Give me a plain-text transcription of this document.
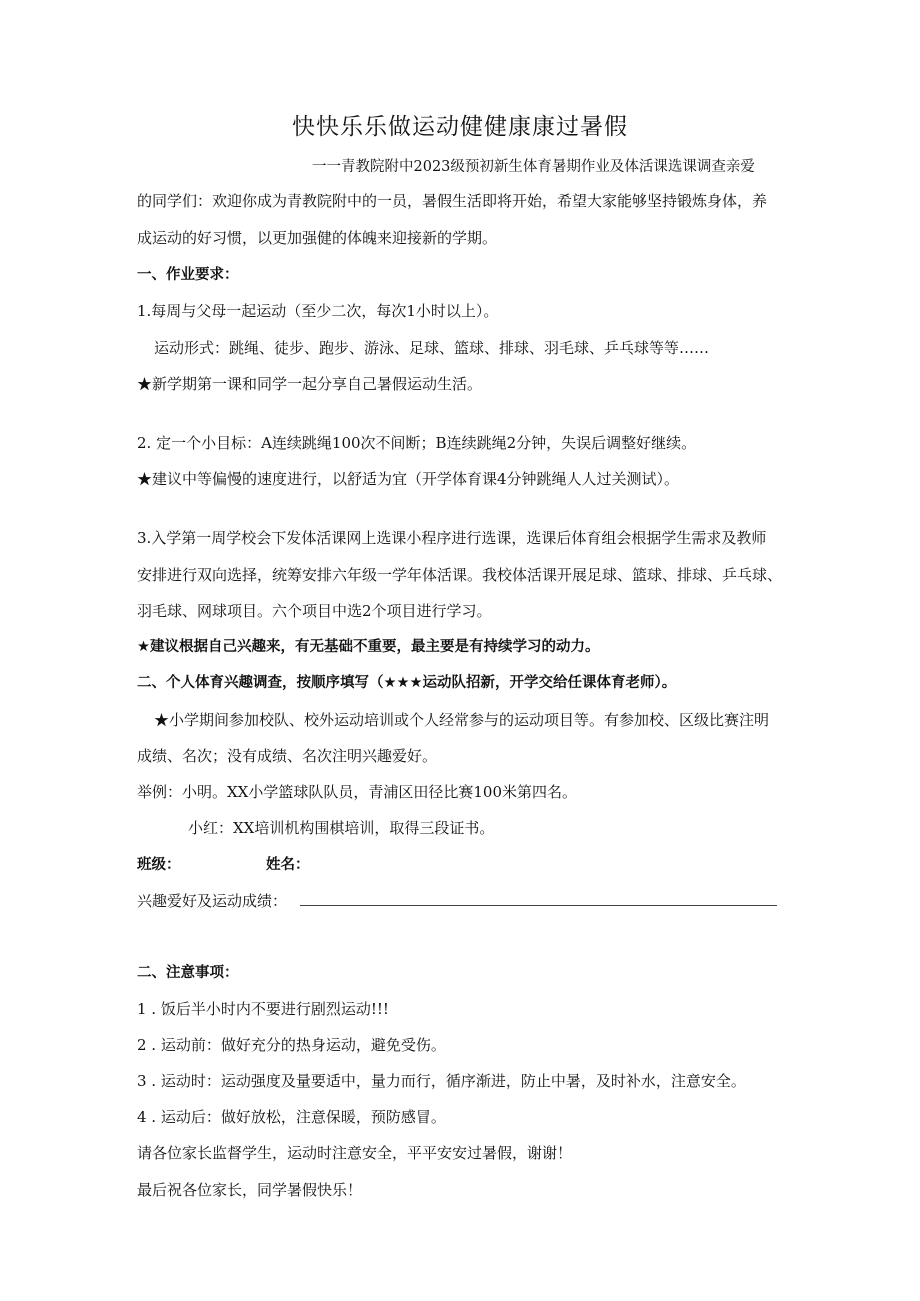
快快乐乐做运动健健康康过暑假
一一青教院附中2023级预初新生体育暑期作业及体活课选课调查亲爱
的同学们：欢迎你成为青教院附中的一员，暑假生活即将开始，希望大家能够坚持锻炼身体，养
成运动的好习惯，以更加强健的体魄来迎接新的学期。
一、作业要求：
1.每周与父母一起运动（至少二次，每次1小时以上）。
运动形式：跳绳、徒步、跑步、游泳、足球、篮球、排球、羽毛球、乒乓球等等……
★新学期第一课和同学一起分享自己暑假运动生活。
2. 定一个小目标：A连续跳绳100次不间断；B连续跳绳2分钟，失误后调整好继续。
★建议中等偏慢的速度进行，以舒适为宜（开学体育课4分钟跳绳人人过关测试）。
3.入学第一周学校会下发体活课网上选课小程序进行选课，选课后体育组会根据学生需求及教师
安排进行双向选择，统筹安排六年级一学年体活课。我校体活课开展足球、篮球、排球、乒乓球、
羽毛球、网球项目。六个项目中选2个项目进行学习。
★建议根据自己兴趣来，有无基础不重要，最主要是有持续学习的动力。
二、个人体育兴趣调查，按顺序填写（★★★运动队招新，开学交给任课体育老师）。
★小学期间参加校队、校外运动培训或个人经常参与的运动项目等。有参加校、区级比赛注明
成绩、名次；没有成绩、名次注明兴趣爱好。
举例：小明。XX小学篮球队队员，青浦区田径比赛100米第四名。
小红：XX培训机构围棋培训，取得三段证书。
班级：	姓名：
兴趣爱好及运动成绩：
二、注意事项：
1 . 饭后半小时内不要进行剧烈运动!!!
2 . 运动前：做好充分的热身运动，避免受伤。
3 . 运动时：运动强度及量要适中，量力而行，循序渐进，防止中暑，及时补水，注意安全。
4 . 运动后：做好放松，注意保暖，预防感冒。
请各位家长监督学生，运动时注意安全，平平安安过暑假，谢谢！
最后祝各位家长，同学暑假快乐！
